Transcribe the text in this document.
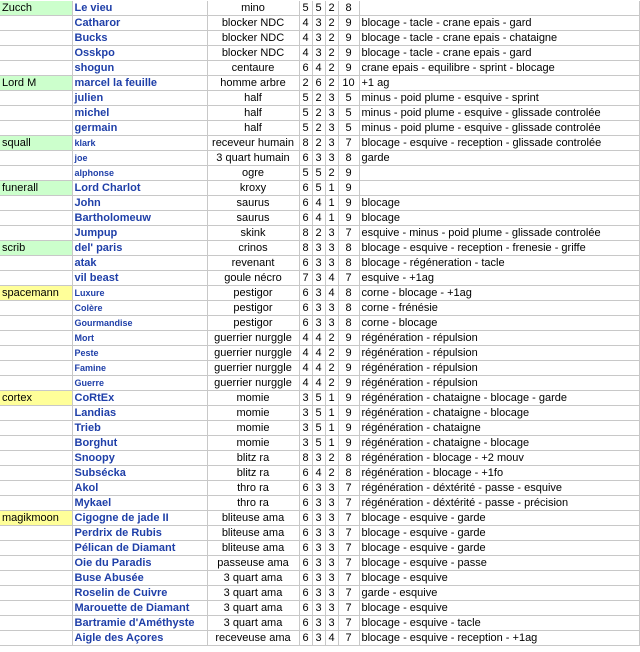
Zucch	Le vieu	mino	5	5	2	8	
	Catharor	blocker NDC	4	3	2	9	blocage - tacle - crane epais - gard
	Bucks	blocker NDC	4	3	2	9	blocage - tacle - crane epais - chataigne
	Osskpo	blocker NDC	4	3	2	9	blocage - tacle - crane epais - gard
	shogun	centaure	6	4	2	9	crane epais - equilibre - sprint - blocage
Lord M	marcel la feuille	homme arbre	2	6	2	10	+1 ag
	julien	half	5	2	3	5	minus - poid plume - esquive - sprint
	michel	half	5	2	3	5	minus - poid plume - esquive - glissade controlée
	germain	half	5	2	3	5	minus - poid plume - esquive - glissade controlée
squall	klark	receveur humain	8	2	3	7	blocage - esquive - reception - glissade controlée
	joe	3 quart humain	6	3	3	8	garde
	alphonse	ogre	5	5	2	9	
funerall	Lord Charlot	kroxy	6	5	1	9	
	John	saurus	6	4	1	9	blocage
	Bartholomeuw	saurus	6	4	1	9	blocage
	Jumpup	skink	8	2	3	7	esquive - minus - poid plume - glissade controlée
scrib	del' paris	crinos	8	3	3	8	blocage - esquive - reception - frenesie - griffe
	atak	revenant	6	3	3	8	blocage - régéneration - tacle
	vil beast	goule nécro	7	3	4	7	esquive - +1ag
spacemann	Luxure	pestigor	6	3	4	8	corne - blocage - +1ag
	Colère	pestigor	6	3	3	8	corne - frénésie
	Gourmandise	pestigor	6	3	3	8	corne - blocage
	Mort	guerrier nurggle	4	4	2	9	régénération - répulsion
	Peste	guerrier nurggle	4	4	2	9	régénération - répulsion
	Famine	guerrier nurggle	4	4	2	9	régénération - répulsion
	Guerre	guerrier nurggle	4	4	2	9	régénération - répulsion
cortex	CoRtEx	momie	3	5	1	9	régénération - chataigne - blocage - garde
	Landias	momie	3	5	1	9	régénération - chataigne - blocage
	Trieb	momie	3	5	1	9	régénération - chataigne
	Borghut	momie	3	5	1	9	régénération - chataigne - blocage
	Snoopy	blitz ra	8	3	2	8	régénération - blocage - +2 mouv
	Subsécka	blitz ra	6	4	2	8	régénération - blocage - +1fo
	Akol	thro ra	6	3	3	7	régénération - déxtérité - passe - esquive
	Mykael	thro ra	6	3	3	7	régénération - déxtérité - passe - précision
magikmoon	Cigogne de jade II	bliteuse ama	6	3	3	7	blocage - esquive - garde
	Perdrix de Rubis	bliteuse ama	6	3	3	7	blocage - esquive - garde
	Pélican de Diamant	bliteuse ama	6	3	3	7	blocage - esquive - garde
	Oie du Paradis	passeuse ama	6	3	3	7	blocage - esquive - passe
	Buse Abusée	3 quart ama	6	3	3	7	blocage - esquive
	Roselin de Cuivre	3 quart ama	6	3	3	7	garde - esquive
	Marouette de Diamant	3 quart ama	6	3	3	7	blocage - esquive
	Bartramie d'Améthyste	3 quart ama	6	3	3	7	blocage - esquive - tacle
	Aigle des Açores	receveuse ama	6	3	4	7	blocage - esquive - reception - +1ag
